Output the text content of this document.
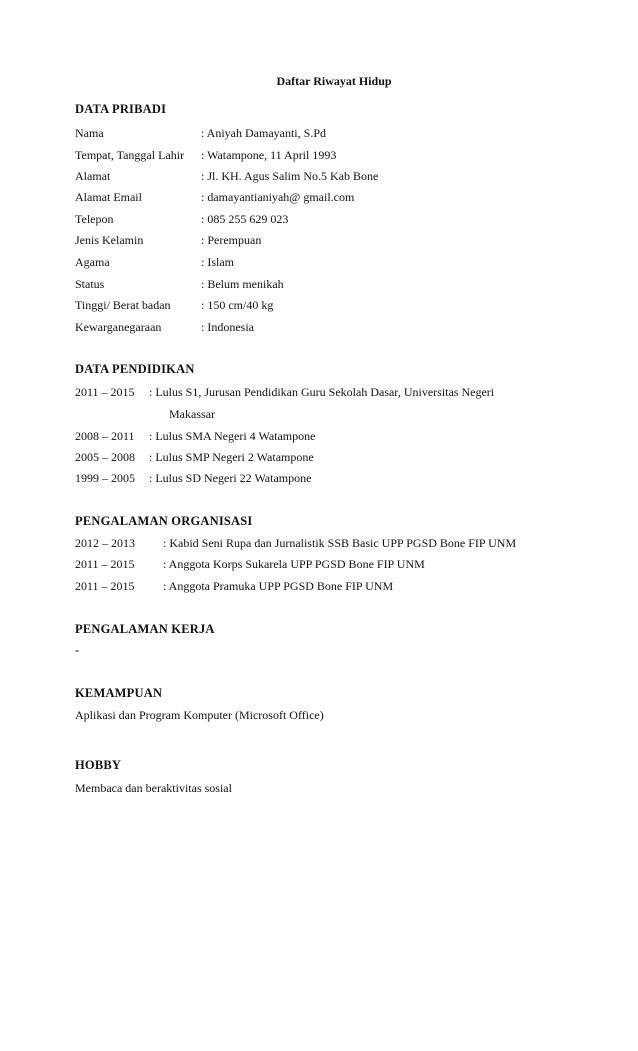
Daftar Riwayat Hidup
DATA PRIBADI
Nama	: Aniyah Damayanti, S.Pd
Tempat, Tanggal Lahir : Watampone, 11 April 1993
Alamat	: Jl. KH. Agus Salim No.5 Kab Bone
Alamat Email	: damayantianiyah@ gmail.com
Telepon	: 085 255 629 023
Jenis Kelamin	: Perempuan
Agama	: Islam
Status	: Belum menikah
Tinggi/ Berat badan	: 150 cm/40 kg
Kewarganegaraan	: Indonesia
DATA PENDIDIKAN
2011 – 2015 : Lulus S1, Jurusan Pendidikan Guru Sekolah Dasar, Universitas Negeri
Makassar
2008 – 2011 : Lulus SMA Negeri 4 Watampone
2005 – 2008 : Lulus SMP Negeri 2 Watampone
1999 – 2005 : Lulus SD Negeri 22 Watampone
PENGALAMAN ORGANISASI
2012 – 2013 : Kabid Seni Rupa dan Jurnalistik SSB Basic UPP PGSD Bone FIP UNM
2011 – 2015 : Anggota Korps Sukarela UPP PGSD Bone FIP UNM
2011 – 2015 : Anggota Pramuka UPP PGSD Bone FIP UNM
PENGALAMAN KERJA
-
KEMAMPUAN
Aplikasi dan Program Komputer (Microsoft Office)
HOBBY
Membaca dan beraktivitas sosial
